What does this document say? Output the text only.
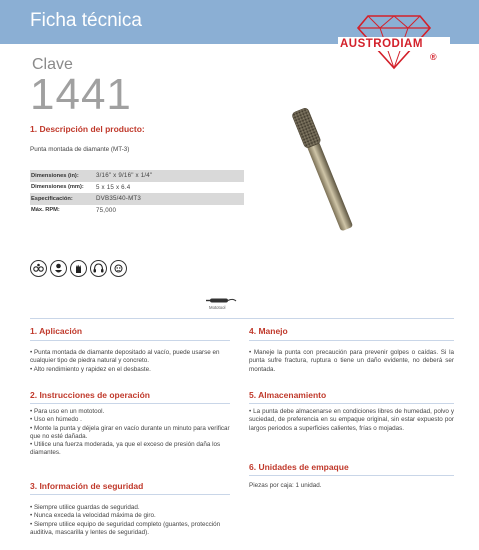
Ficha técnica
AUSTRODIAM
®
Clave
1441
1. Descripción del producto:
Punta montada de diamante (MT-3)
Dimensiones (in):	3/16" x 9/16" x 1/4"
Dimensiones (mm):	5 x 15 x 6.4
Especificación:	DVB35/40-MT3
Máx. RPM:	75,000
Mototool
1. Aplicación

• Punta montada de diamante depositado al vacío, puede usarse en cualquier tipo de piedra natural y concreto.

• Alto rendimiento y rapidez en el desbaste.

2. Instrucciones de operación

• Para uso en un mototool.

• Uso en húmedo .

• Monte la punta y déjela girar en vacío durante un minuto para verificar que no esté dañada.

• Utilice una fuerza moderada, ya que el exceso de presión daña los diamantes.

3. Información de seguridad

• Siempre utilice guardas de seguridad.

• Nunca exceda la velocidad máxima de giro.

• Siempre utilice equipo de seguridad completo (guantes, protección auditiva, mascarilla y lentes de seguridad).

4. Manejo

• Maneje la punta con precaución para prevenir golpes o caídas. Si la punta sufre fractura, ruptura o tiene un daño evidente, no deberá ser montada.

5. Almacenamiento

• La punta debe almacenarse en condiciones libres de humedad, polvo y suciedad, de preferencia en su empaque original, sin estar expuesto por largos periodos a superficies calientes, frías o mojadas.

6. Unidades de empaque
Piezas por caja: 1 unidad.
